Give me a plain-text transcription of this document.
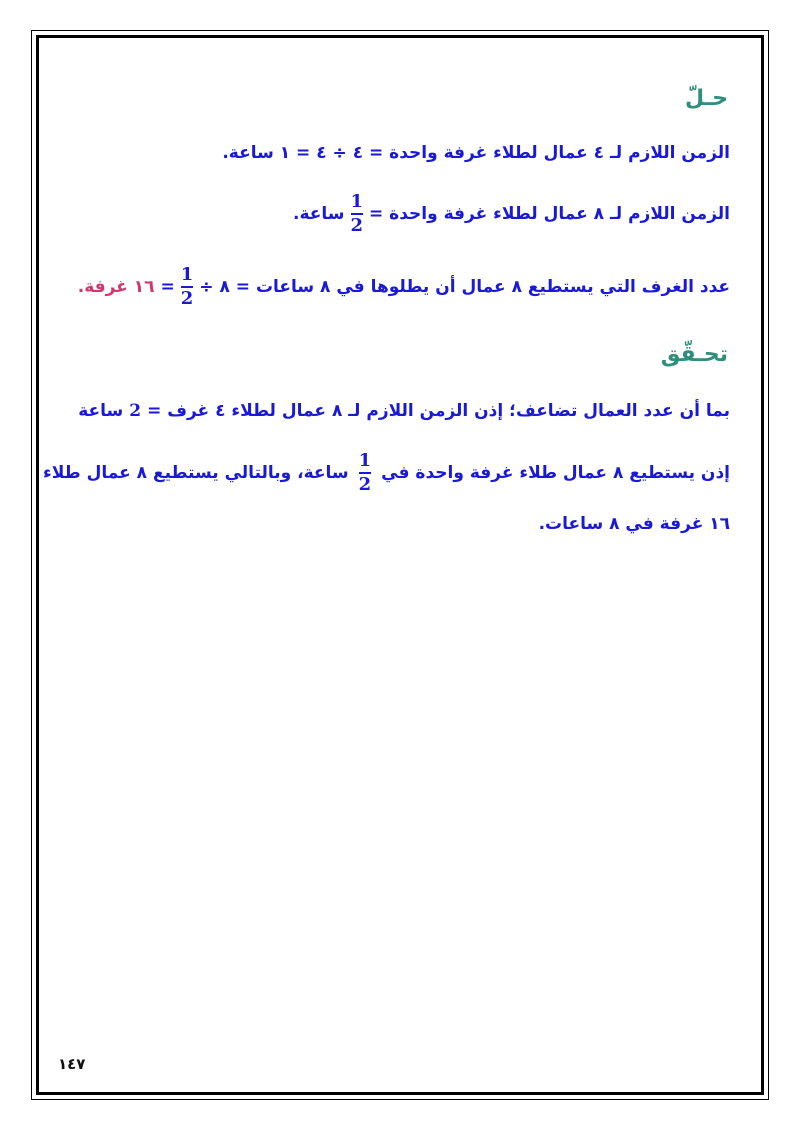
حـلّ
الزمن اللازم لـ ٤ عمال لطلاء غرفة واحدة = ٤ ÷ ٤ = ١ ساعة.
الزمن اللازم لـ ٨ عمال لطلاء غرفة واحدة =
$\frac{1}{2}$
ساعة.
عدد الغرف التي يستطيع ٨ عمال أن يطلوها في ٨ ساعات = ٨ ÷
$\frac{1}{2}$
=
١٦ غرفة.
تحـقّق
بما أن عدد العمال تضاعف؛ إذن الزمن اللازم لـ ٨ عمال لطلاء ٤ غرف =
2
ساعة
إذن يستطيع ٨ عمال طلاء غرفة واحدة في
$\frac{1}{2}$
ساعة، وبالتالي يستطيع ٨ عمال طلاء
١٦ غرفة في ٨ ساعات.
١٤٧
